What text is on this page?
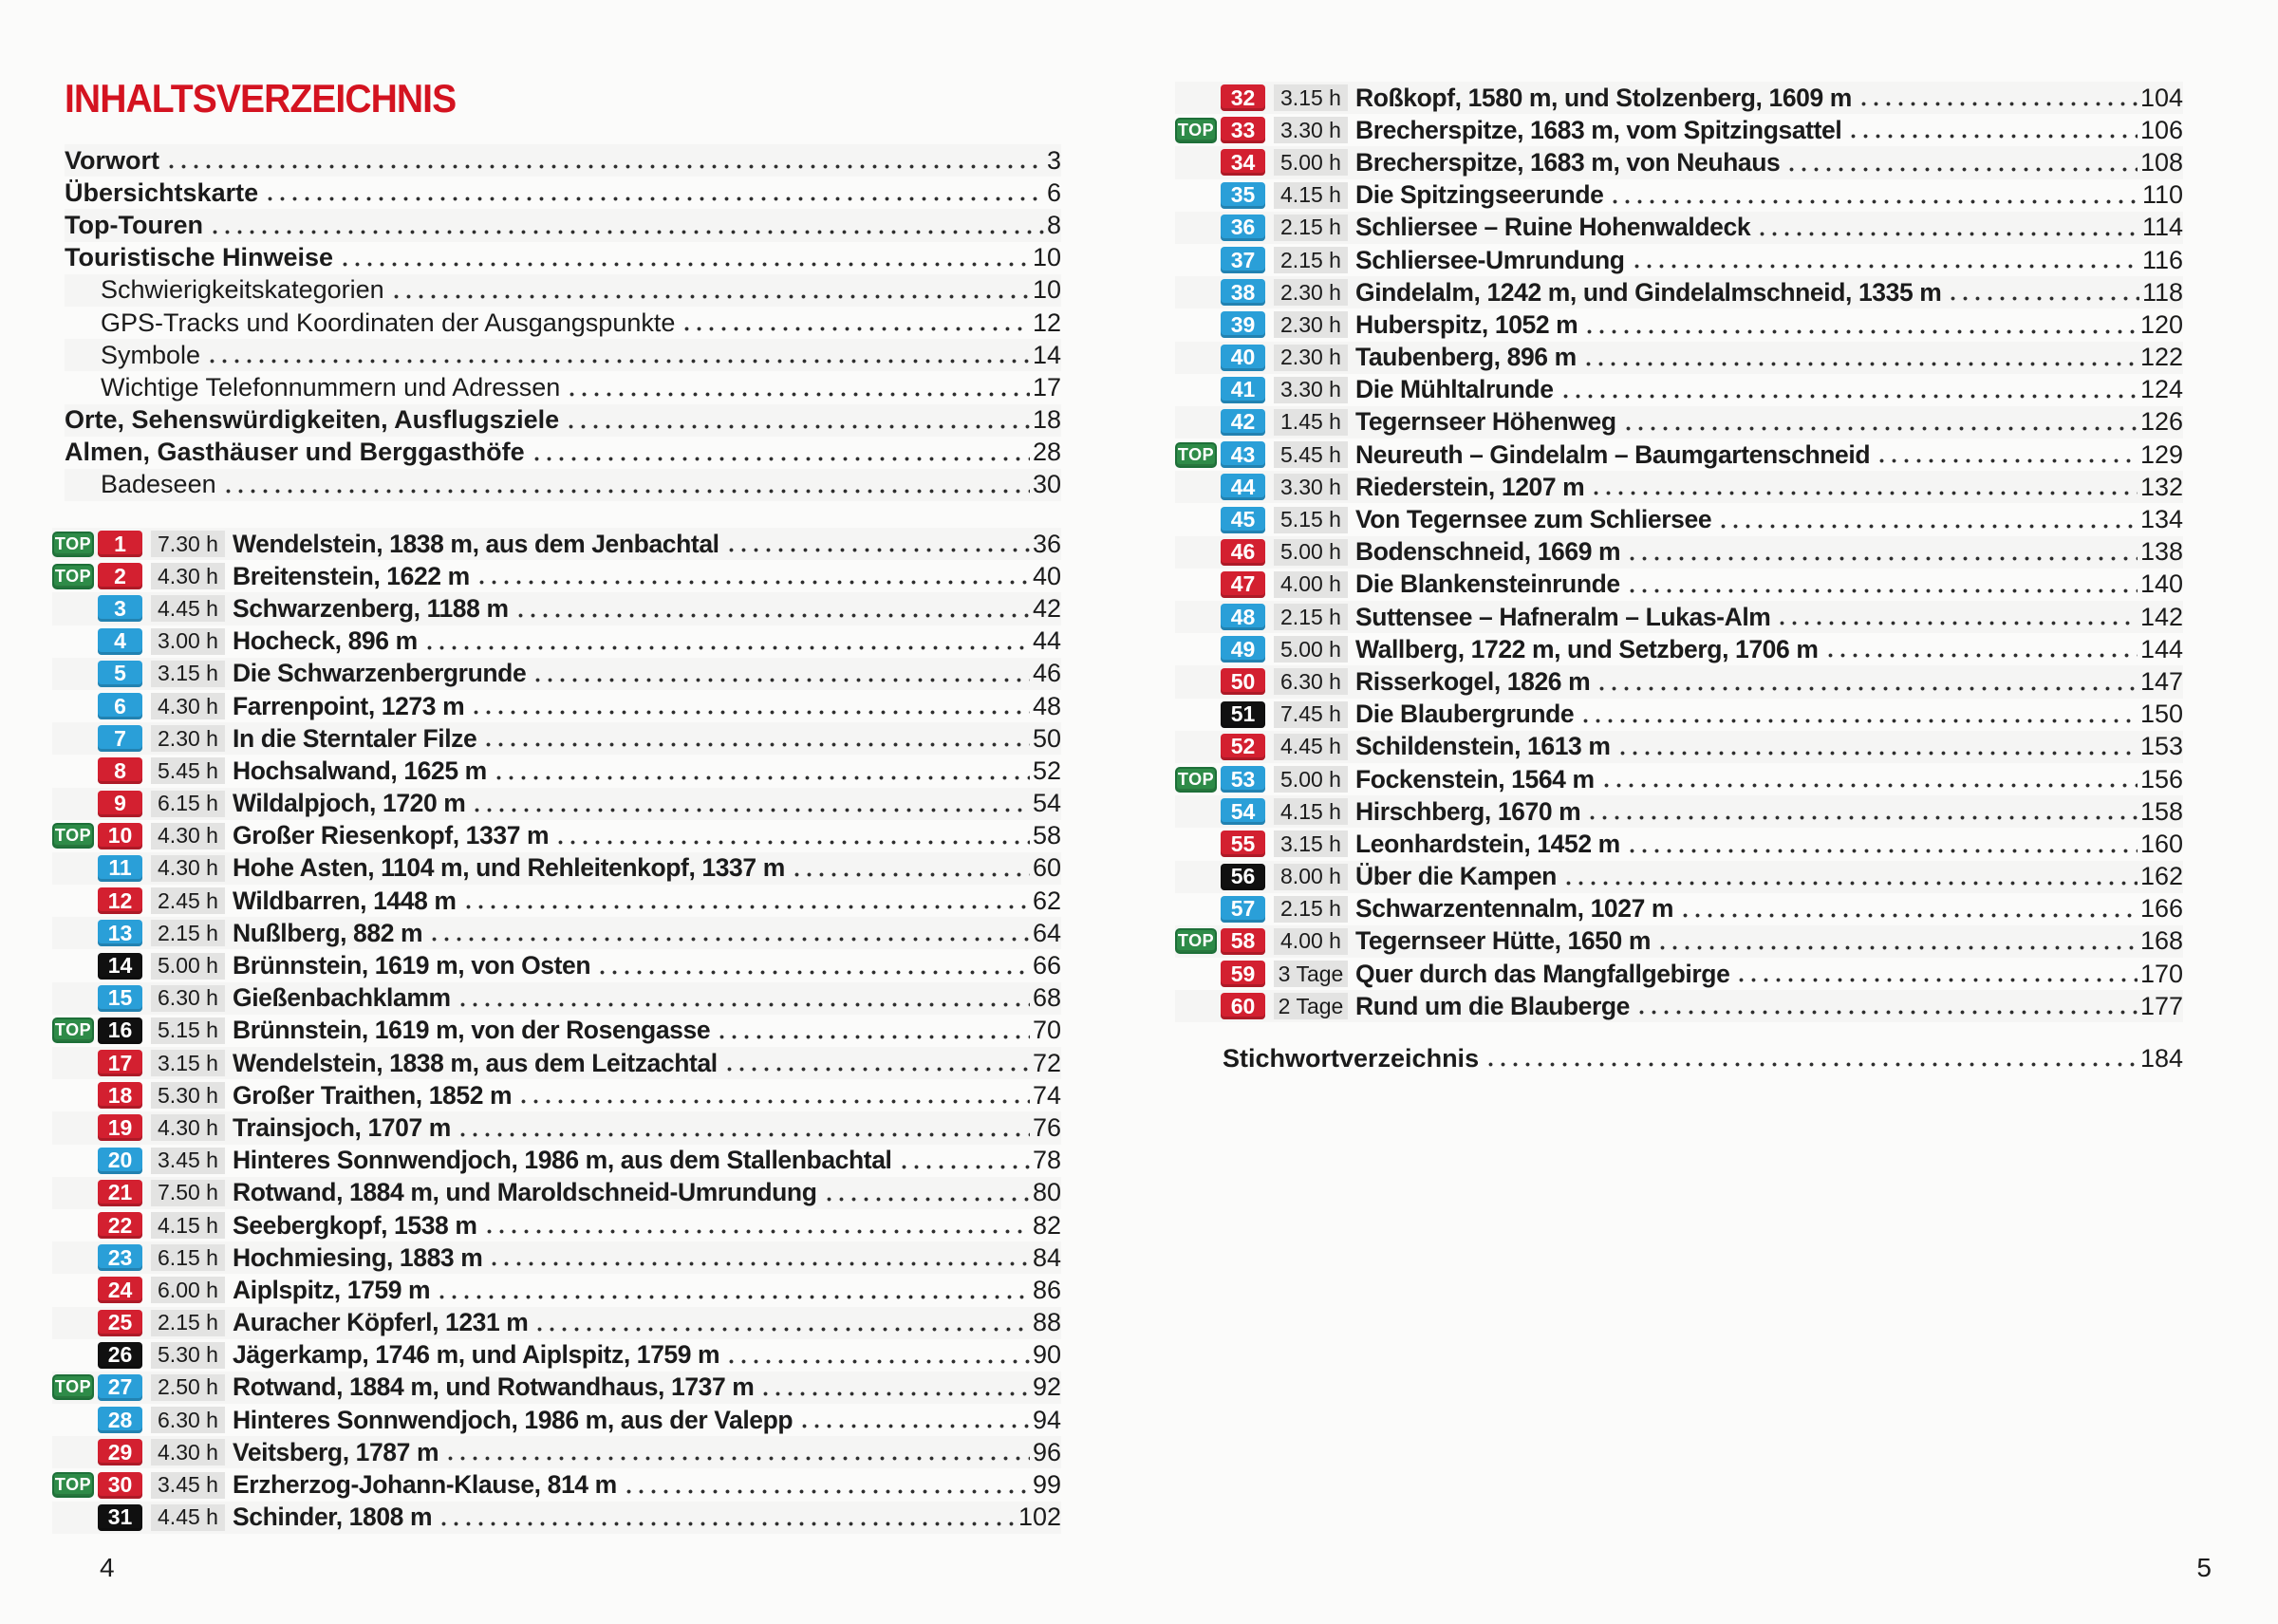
INHALTSVERZEICHNIS
Vorwort	3
Übersichtskarte	6
Top-Touren	8
Touristische Hinweise	10
Schwierigkeitskategorien	10
GPS-Tracks und Koordinaten der Ausgangspunkte	12
Symbole	14
Wichtige Telefonnummern und Adressen	17
Orte, Sehenswürdigkeiten, Ausflugsziele	18
Almen, Gasthäuser und Berggasthöfe	28
Badeseen	30
TOP	1	7.30 h Wendelstein, 1838 m, aus dem Jenbachtal	36
TOP	2	4.30 h Breitenstein, 1622 m	40
3	4.45 h Schwarzenberg, 1188 m	42
4	3.00 h Hocheck, 896 m	44
5	3.15 h Die Schwarzenbergrunde	46
6	4.30 h Farrenpoint, 1273 m	48
7	2.30 h In die Sterntaler Filze	50
8	5.45 h Hochsalwand, 1625 m	52
9	6.15 h Wildalpjoch, 1720 m	54
TOP 10	4.30 h Großer Riesenkopf, 1337 m	58
11	4.30 h Hohe Asten, 1104 m, und Rehleitenkopf, 1337 m	60
12	2.45 h Wildbarren, 1448 m	62
13	2.15 h Nußlberg, 882 m	64
14	5.00 h Brünnstein, 1619 m, von Osten	66
15	6.30 h Gießenbachklamm	68
TOP 16	5.15 h Brünnstein, 1619 m, von der Rosengasse	70
17	3.15 h Wendelstein, 1838 m, aus dem Leitzachtal	72
18	5.30 h Großer Traithen, 1852 m	74
19	4.30 h Trainsjoch, 1707 m	76
20	3.45 h Hinteres Sonnwendjoch, 1986 m, aus dem Stallenbachtal	78
21	7.50 h Rotwand, 1884 m, und Maroldschneid-Umrundung	80
22	4.15 h Seebergkopf, 1538 m	82
23	6.15 h Hochmiesing, 1883 m	84
24	6.00 h Aiplspitz, 1759 m	86
25	2.15 h Auracher Köpferl, 1231 m	88
26	5.30 h Jägerkamp, 1746 m, und Aiplspitz, 1759 m	90
TOP 27	2.50 h Rotwand, 1884 m, und Rotwandhaus, 1737 m	92
28	6.30 h Hinteres Sonnwendjoch, 1986 m, aus der Valepp	94
29	4.30 h Veitsberg, 1787 m	96
TOP 30	3.45 h Erzherzog-Johann-Klause, 814 m	99
31	4.45 h Schinder, 1808 m	102
4
32	3.15 h Roßkopf, 1580 m, und Stolzenberg, 1609 m	104
TOP 33	3.30 h Brecherspitze, 1683 m, vom Spitzingsattel	106
34	5.00 h Brecherspitze, 1683 m, von Neuhaus	108
35	4.15 h Die Spitzingseerunde	110
36	2.15 h Schliersee – Ruine Hohenwaldeck	114
37	2.15 h Schliersee-Umrundung	116
38	2.30 h Gindelalm, 1242 m, und Gindelalmschneid, 1335 m	118
39	2.30 h Huberspitz, 1052 m	120
40	2.30 h Taubenberg, 896 m	122
41	3.30 h Die Mühltalrunde	124
42	1.45 h Tegernseer Höhenweg	126
TOP 43	5.45 h Neureuth – Gindelalm – Baumgartenschneid	129
44	3.30 h Riederstein, 1207 m	132
45	5.15 h Von Tegernsee zum Schliersee	134
46	5.00 h Bodenschneid, 1669 m	138
47	4.00 h Die Blankensteinrunde	140
48	2.15 h Suttensee – Hafneralm – Lukas-Alm	142
49	5.00 h Wallberg, 1722 m, und Setzberg, 1706 m	144
50	6.30 h Risserkogel, 1826 m	147
51	7.45 h Die Blaubergrunde	150
52	4.45 h Schildenstein, 1613 m	153
TOP 53	5.00 h Fockenstein, 1564 m	156
54	4.15 h Hirschberg, 1670 m	158
55	3.15 h Leonhardstein, 1452 m	160
56	8.00 h Über die Kampen	162
57	2.15 h Schwarzentennalm, 1027 m	166
TOP 58	4.00 h Tegernseer Hütte, 1650 m	168
59	3 Tage Quer durch das Mangfallgebirge	170
60	2 Tage Rund um die Blauberge	177
Stichwortverzeichnis	184
5
